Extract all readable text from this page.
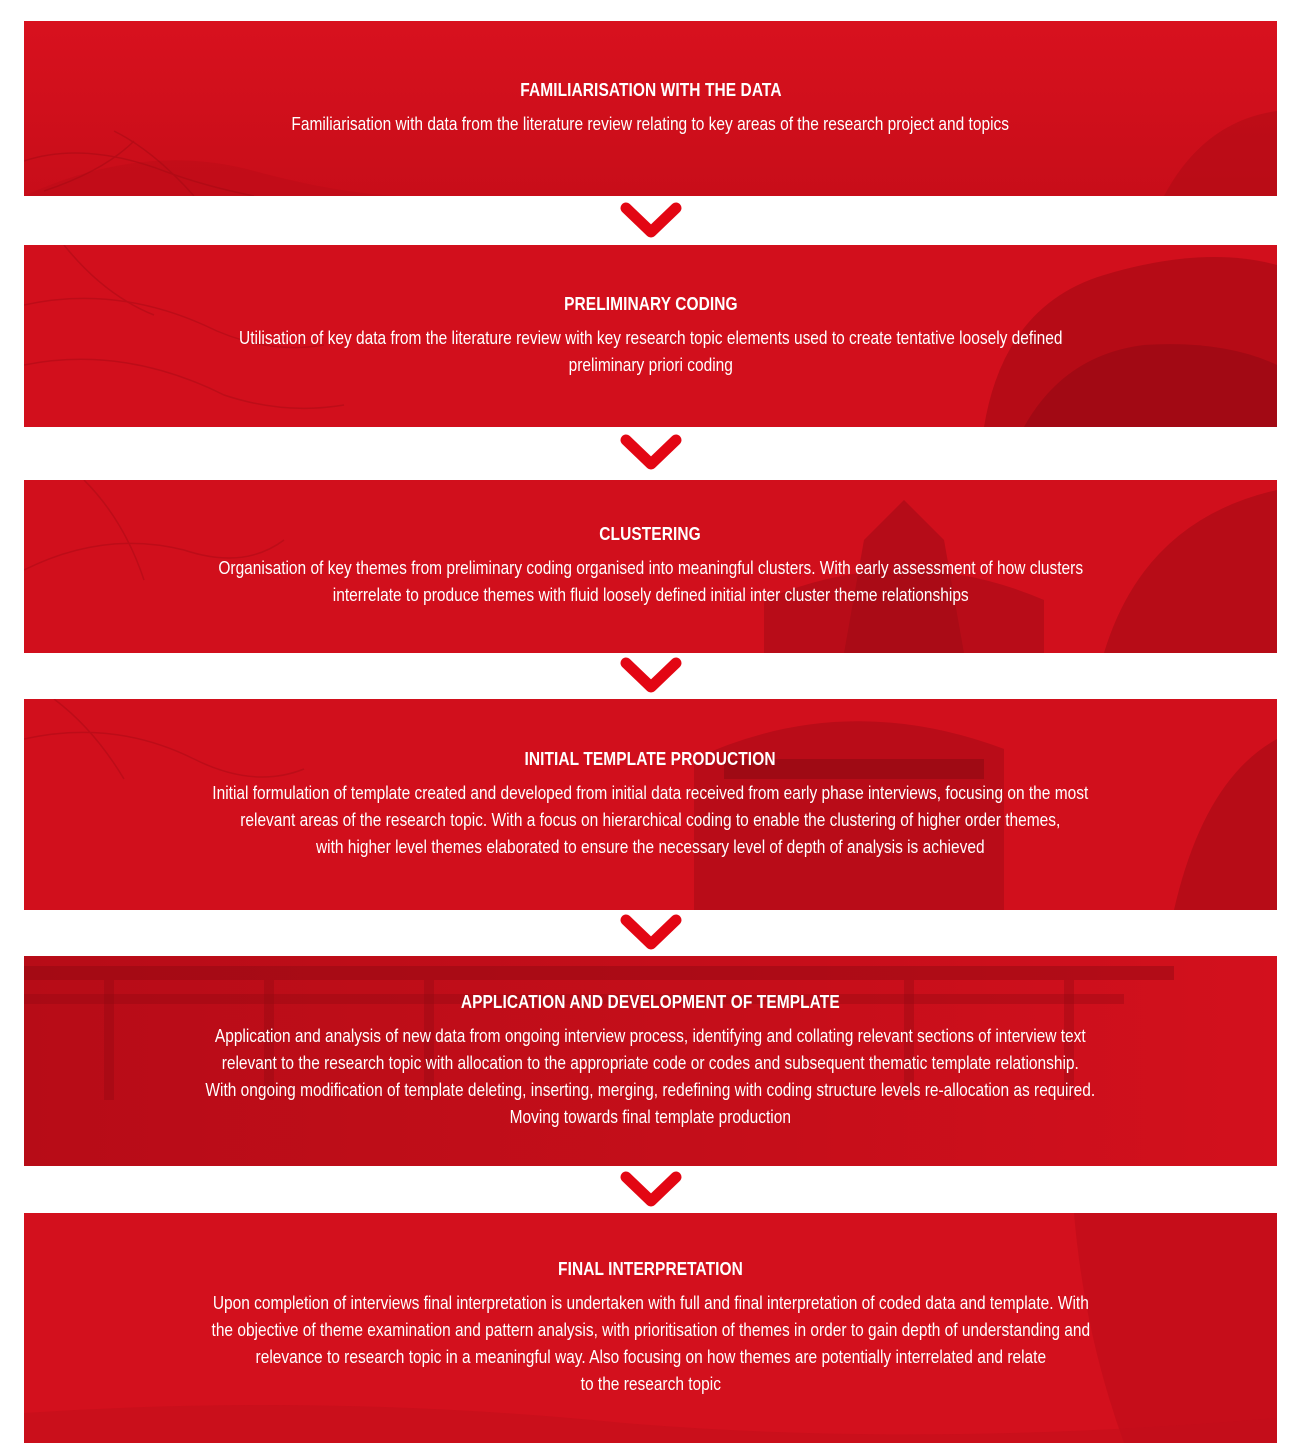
FAMILIARISATION WITH THE DATA
Familiarisation with data from the literature review relating to key areas of the research project and topics
PRELIMINARY CODING
Utilisation of key data from the literature review with key research topic elements used to create tentative loosely defined
preliminary priori coding
CLUSTERING
Organisation of key themes from preliminary coding organised into meaningful clusters. With early assessment of how clusters
interrelate to produce themes with fluid loosely defined initial inter cluster theme relationships
INITIAL TEMPLATE PRODUCTION
Initial formulation of template created and developed from initial data received from early phase interviews, focusing on the most
relevant areas of the research topic. With a focus on hierarchical coding to enable the clustering of higher order themes,
with higher level themes elaborated to ensure the necessary level of depth of analysis is achieved
APPLICATION AND DEVELOPMENT OF TEMPLATE
Application and analysis of new data from ongoing interview process, identifying and collating relevant sections of interview text
relevant to the research topic with allocation to the appropriate code or codes and subsequent thematic template relationship.
With ongoing modification of template deleting, inserting, merging, redefining with coding structure levels re-allocation as required.
Moving towards final template production
FINAL INTERPRETATION
Upon completion of interviews final interpretation is undertaken with full and final interpretation of coded data and template. With
the objective of theme examination and pattern analysis, with prioritisation of themes in order to gain depth of understanding and
relevance to research topic in a meaningful way. Also focusing on how themes are potentially interrelated and relate
to the research topic
